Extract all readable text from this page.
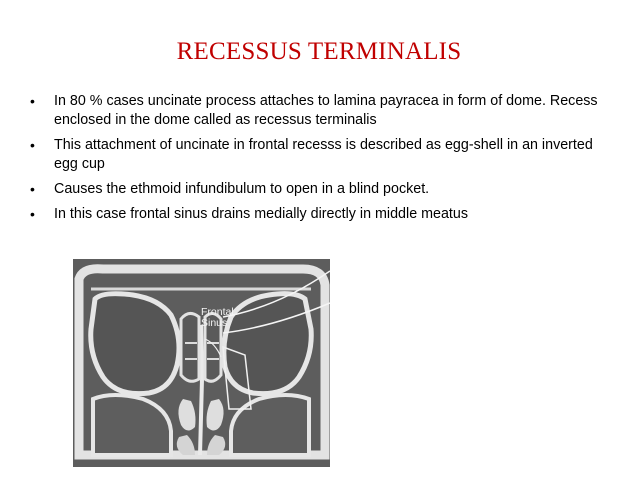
RECESSUS TERMINALIS
• In 80 % cases uncinate process attaches to lamina payracea in form of dome. Recess enclosed in the dome called as recessus terminalis
• This attachment of uncinate in frontal recesss is described as egg-shell in an inverted egg cup
• Causes the ethmoid infundibulum to open in a blind pocket.
• In this case frontal sinus drains medially directly in middle meatus
Frontal
Sinus
